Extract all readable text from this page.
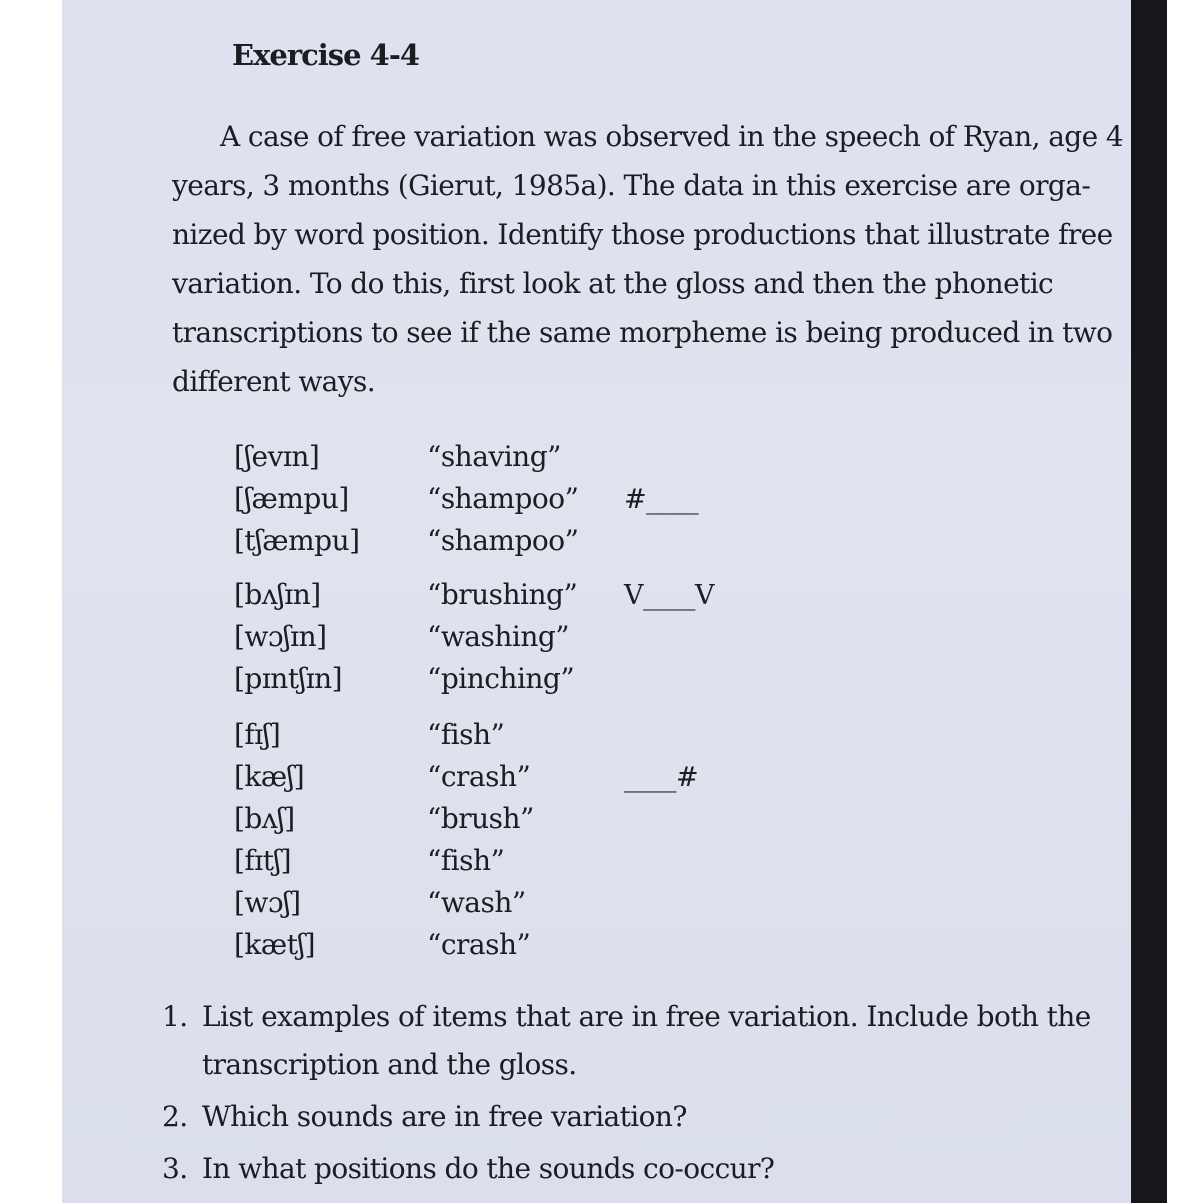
Exercise 4-4

A case of free variation was observed in the speech of Ryan, age 4
years, 3 months (Gierut, 1985a). The data in this exercise are orga-
nized by word position. Identify those productions that illustrate free
variation. To do this, first look at the gloss and then the phonetic
transcriptions to see if the same morpheme is being produced in two
different ways.

[ʃevɪn]	“shaving”
[ʃæmpu]	“shampoo” #____
[tʃæmpu] “shampoo”
[bʌʃɪn]	“brushing” V____V
[wɔʃɪn]	“washing”
[pɪntʃɪn]	“pinching”
[fɪʃ]	“fish”
[kæʃ]	“crash”	____#
[bʌʃ]	“brush”
[fɪtʃ]	“fish”
[wɔʃ]	“wash”
[kætʃ]	“crash”
1. List examples of items that are in free variation. Include both the
transcription and the gloss.
2. Which sounds are in free variation?
3. In what positions do the sounds co-occur?
